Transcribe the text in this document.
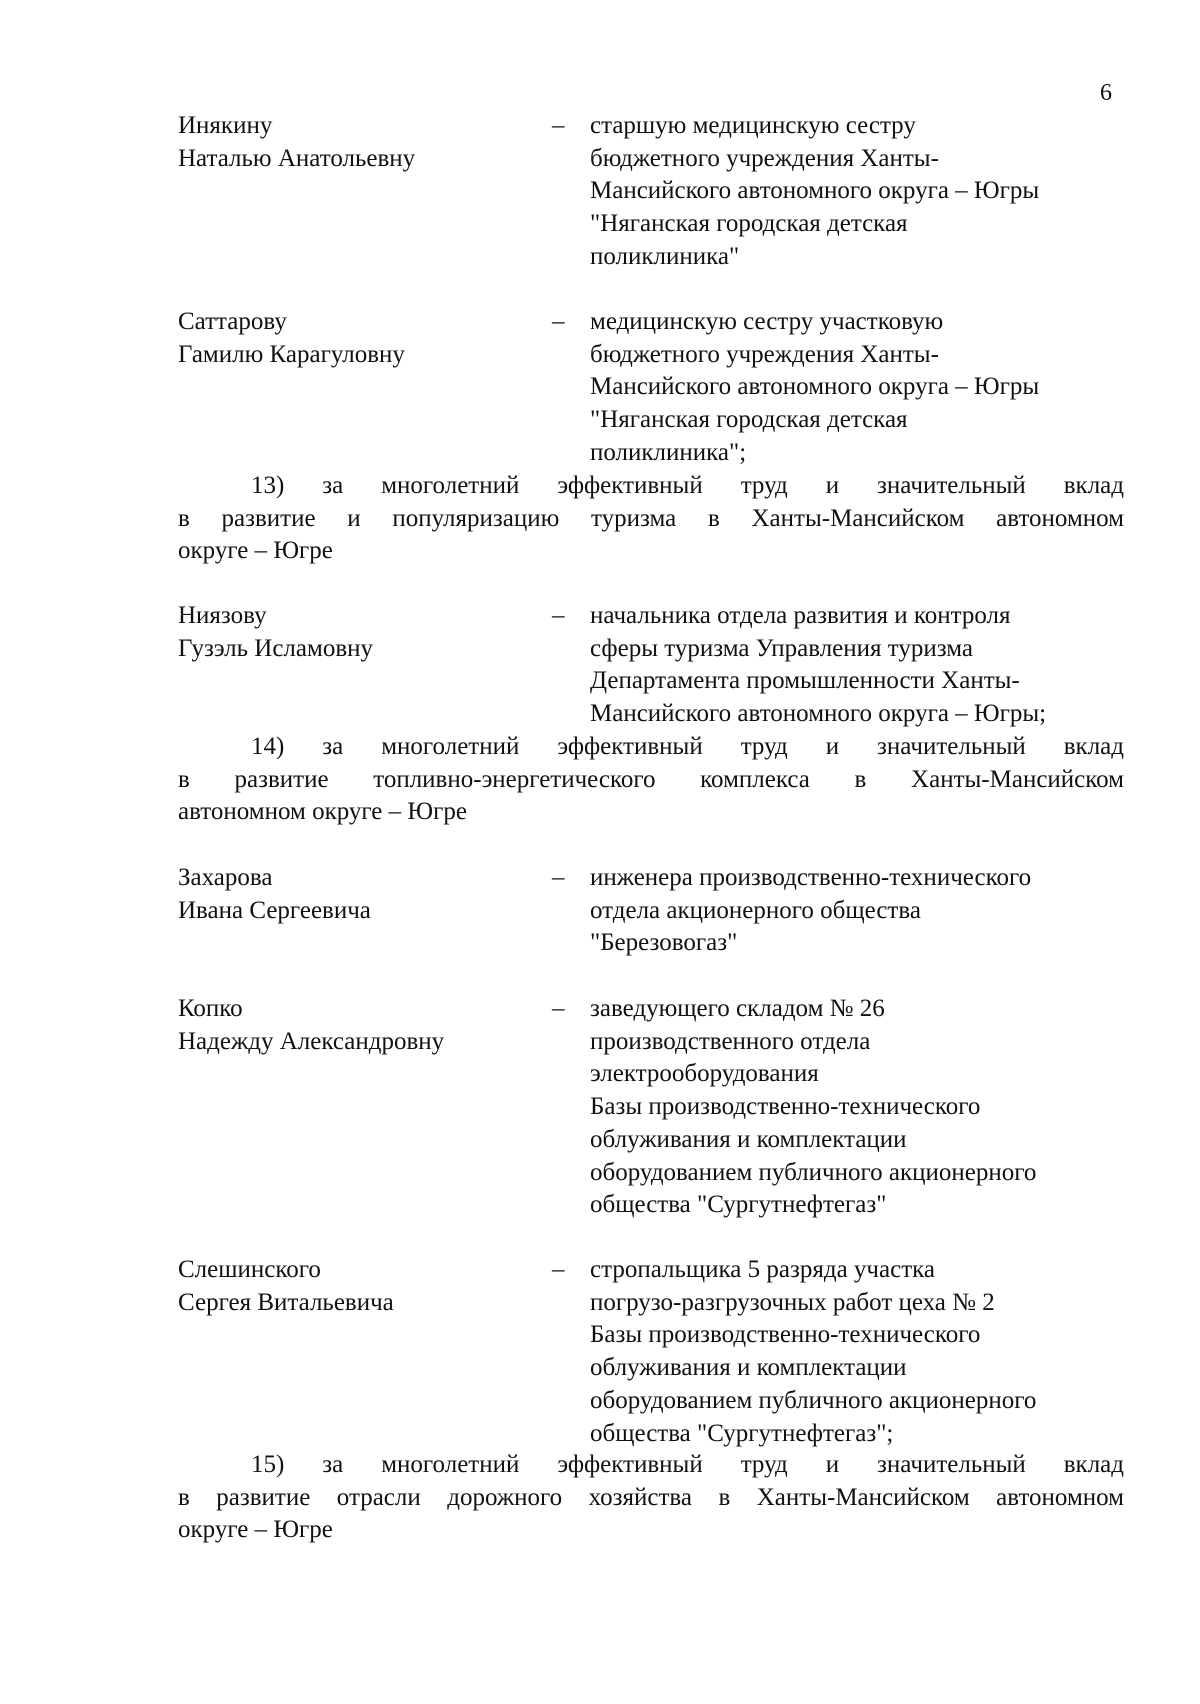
6
Инякину
Наталью Анатольевну
– старшую медицинскую сестру
бюджетного учреждения Ханты-
Мансийского автономного округа – Югры
"Няганская городская детская
поликлиника"
Саттарову
Гамилю Карагуловну
– медицинскую сестру участковую
бюджетного учреждения Ханты-
Мансийского автономного округа – Югры
"Няганская городская детская
поликлиника";
13) за многолетний эффективный труд и значительный вклад
в развитие и популяризацию туризма в Ханты-Мансийском автономном
округе – Югре
Ниязову
Гузэль Исламовну
– начальника отдела развития и контроля
сферы туризма Управления туризма
Департамента промышленности Ханты-
Мансийского автономного округа – Югры;
14) за многолетний эффективный труд и значительный вклад
в развитие топливно-энергетического комплекса в Ханты-Мансийском
автономном округе – Югре
Захарова
Ивана Сергеевича
– инженера производственно-технического
отдела акционерного общества
"Березовогаз"
Копко
Надежду Александровну
– заведующего складом № 26
производственного отдела
электрооборудования
Базы производственно-технического
облуживания и комплектации
оборудованием публичного акционерного
общества "Сургутнефтегаз"
Слешинского
Сергея Витальевича
– стропальщика 5 разряда участка
погрузо-разгрузочных работ цеха № 2
Базы производственно-технического
облуживания и комплектации
оборудованием публичного акционерного
общества "Сургутнефтегаз";
15) за многолетний эффективный труд и значительный вклад
в развитие отрасли дорожного хозяйства в Ханты-Мансийском автономном
округе – Югре
